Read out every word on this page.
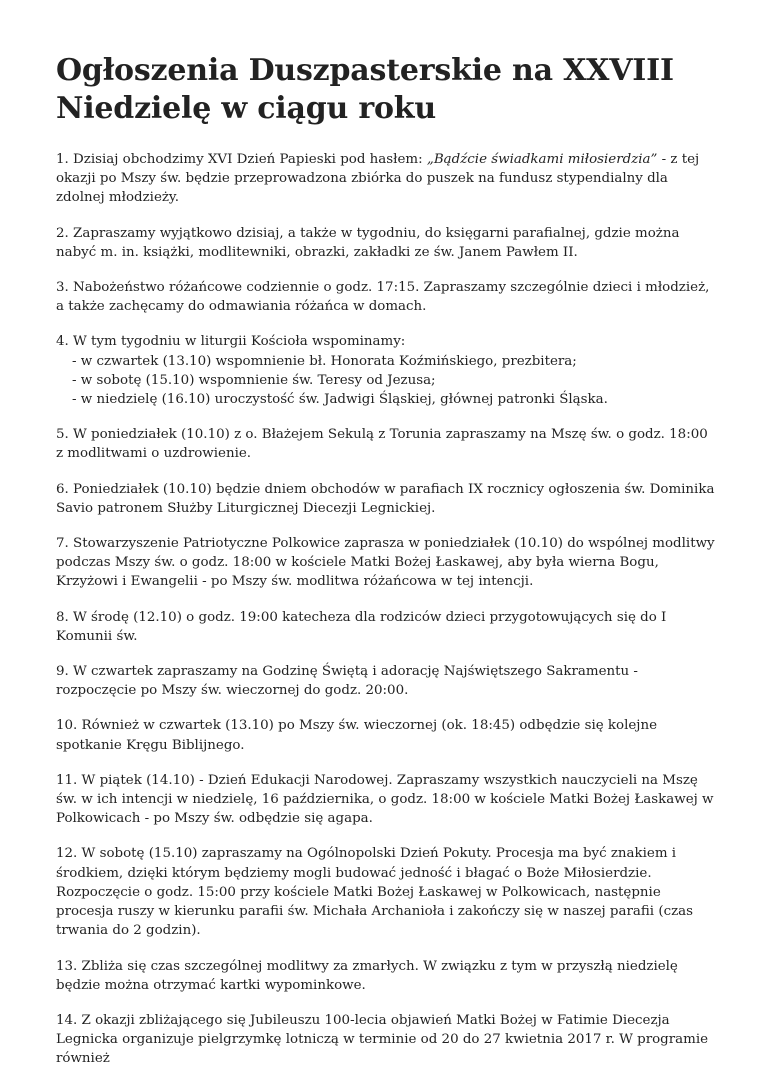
Ogłoszenia Duszpasterskie na XXVIII Niedzielę w ciągu roku

1. Dzisiaj obchodzimy XVI Dzień Papieski pod hasłem: „Bądźcie świadkami miłosierdzia” - z tej okazji po Mszy św. będzie przeprowadzona zbiórka do puszek na fundusz stypendialny dla zdolnej młodzieży.

2. Zapraszamy wyjątkowo dzisiaj, a także w tygodniu, do księgarni parafialnej, gdzie można nabyć m. in. książki, modlitewniki, obrazki, zakładki ze św. Janem Pawłem II.

3. Nabożeństwo różańcowe codziennie o godz. 17:15. Zapraszamy szczególnie dzieci i młodzież, a także zachęcamy do odmawiania różańca w domach.

4. W tym tygodniu w liturgii Kościoła wspominamy:
- w czwartek (13.10) wspomnienie bł. Honorata Koźmińskiego, prezbitera;
- w sobotę (15.10) wspomnienie św. Teresy od Jezusa;
- w niedzielę (16.10) uroczystość św. Jadwigi Śląskiej, głównej patronki Śląska.

5. W poniedziałek (10.10) z o. Błażejem Sekulą z Torunia zapraszamy na Mszę św. o godz. 18:00 z modlitwami o uzdrowienie.

6. Poniedziałek (10.10) będzie dniem obchodów w parafiach IX rocznicy ogłoszenia św. Dominika Savio patronem Służby Liturgicznej Diecezji Legnickiej.

7. Stowarzyszenie Patriotyczne Polkowice zaprasza w poniedziałek (10.10) do wspólnej modlitwy podczas Mszy św. o godz. 18:00 w kościele Matki Bożej Łaskawej, aby była wierna Bogu, Krzyżowi i Ewangelii - po Mszy św. modlitwa różańcowa w tej intencji.

8. W środę (12.10) o godz. 19:00 katecheza dla rodziców dzieci przygotowujących się do I Komunii św.

9. W czwartek zapraszamy na Godzinę Świętą i adorację Najświętszego Sakramentu - rozpoczęcie po Mszy św. wieczornej do godz. 20:00.

10. Również w czwartek (13.10) po Mszy św. wieczornej (ok. 18:45) odbędzie się kolejne spotkanie Kręgu Biblijnego.

11. W piątek (14.10) - Dzień Edukacji Narodowej. Zapraszamy wszystkich nauczycieli na Mszę św. w ich intencji w niedzielę, 16 października, o godz. 18:00 w kościele Matki Bożej Łaskawej w Polkowicach - po Mszy św. odbędzie się agapa.

12. W sobotę (15.10) zapraszamy na Ogólnopolski Dzień Pokuty. Procesja ma być znakiem i środkiem, dzięki którym będziemy mogli budować jedność i błagać o Boże Miłosierdzie. Rozpoczęcie o godz. 15:00 przy kościele Matki Bożej Łaskawej w Polkowicach, następnie procesja ruszy w kierunku parafii św. Michała Archanioła i zakończy się w naszej parafii (czas trwania do 2 godzin).

13. Zbliża się czas szczególnej modlitwy za zmarłych. W związku z tym w przyszłą niedzielę będzie można otrzymać kartki wypominkowe.

14. Z okazji zbliżającego się Jubileuszu 100-lecia objawień Matki Bożej w Fatimie Diecezja Legnicka organizuje pielgrzymkę lotniczą w terminie od 20 do 27 kwietnia 2017 r. W programie również
